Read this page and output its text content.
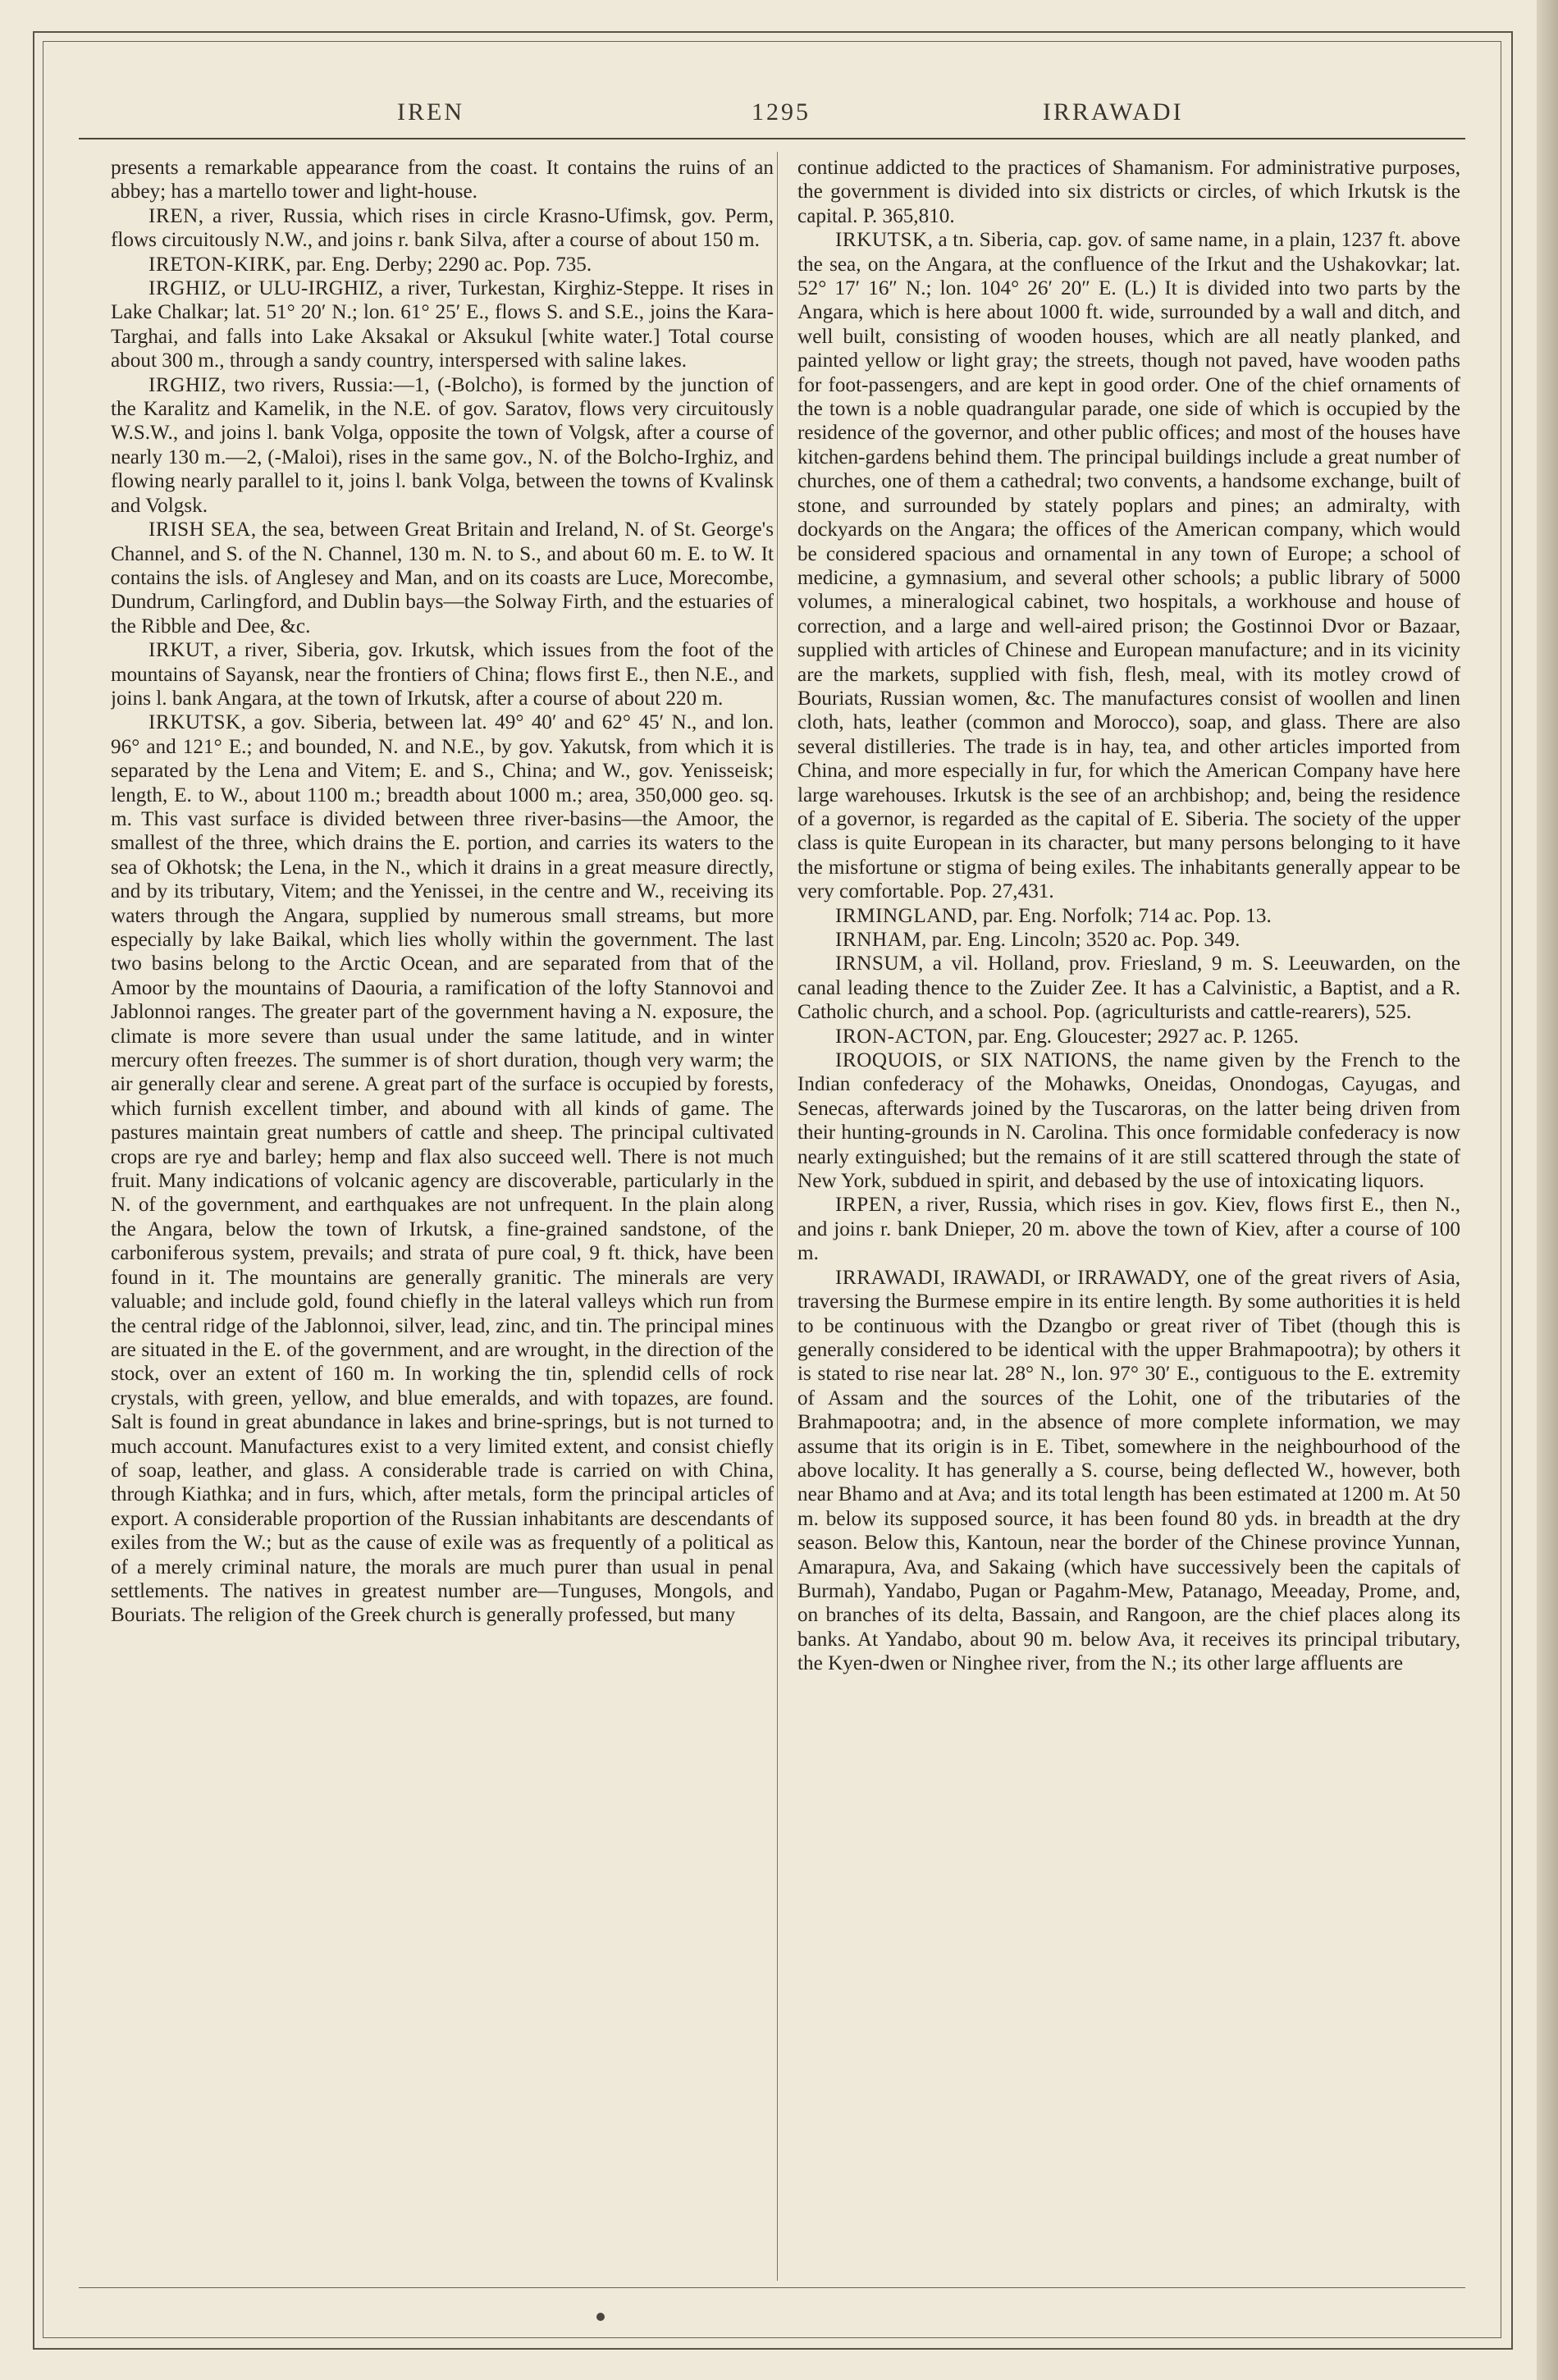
IREN	1295	IRRAWADI

presents a remarkable appearance from the coast. It contains the ruins of an abbey; has a martello tower and light-house.

IREN, a river, Russia, which rises in circle Krasno-Ufimsk, gov. Perm, flows circuitously N.W., and joins r. bank Silva, after a course of about 150 m.

IRETON-KIRK, par. Eng. Derby; 2290 ac. Pop. 735.

IRGHIZ, or ULU-IRGHIZ, a river, Turkestan, Kirghiz-Steppe. It rises in Lake Chalkar; lat. 51° 20′ N.; lon. 61° 25′ E., flows S. and S.E., joins the Kara-Targhai, and falls into Lake Aksakal or Aksukul [white water.] Total course about 300 m., through a sandy country, interspersed with saline lakes.

IRGHIZ, two rivers, Russia:—1, (-Bolcho), is formed by the junction of the Karalitz and Kamelik, in the N.E. of gov. Saratov, flows very circuitously W.S.W., and joins l. bank Volga, opposite the town of Volgsk, after a course of nearly 130 m.—2, (-Maloi), rises in the same gov., N. of the Bolcho-Irghiz, and flowing nearly parallel to it, joins l. bank Volga, between the towns of Kvalinsk and Volgsk.

IRISH SEA, the sea, between Great Britain and Ireland, N. of St. George's Channel, and S. of the N. Channel, 130 m. N. to S., and about 60 m. E. to W. It contains the isls. of Anglesey and Man, and on its coasts are Luce, Morecombe, Dundrum, Carlingford, and Dublin bays—the Solway Firth, and the estuaries of the Ribble and Dee, &c.

IRKUT, a river, Siberia, gov. Irkutsk, which issues from the foot of the mountains of Sayansk, near the frontiers of China; flows first E., then N.E., and joins l. bank Angara, at the town of Irkutsk, after a course of about 220 m.

IRKUTSK, a gov. Siberia, between lat. 49° 40′ and 62° 45′ N., and lon. 96° and 121° E.; and bounded, N. and N.E., by gov. Yakutsk, from which it is separated by the Lena and Vitem; E. and S., China; and W., gov. Yenisseisk; length, E. to W., about 1100 m.; breadth about 1000 m.; area, 350,000 geo. sq. m. This vast surface is divided between three river-basins—the Amoor, the smallest of the three, which drains the E. portion, and carries its waters to the sea of Okhotsk; the Lena, in the N., which it drains in a great measure directly, and by its tributary, Vitem; and the Yenissei, in the centre and W., receiving its waters through the Angara, supplied by numerous small streams, but more especially by lake Baikal, which lies wholly within the government. The last two basins belong to the Arctic Ocean, and are separated from that of the Amoor by the mountains of Daouria, a ramification of the lofty Stannovoi and Jablonnoi ranges. The greater part of the government having a N. exposure, the climate is more severe than usual under the same latitude, and in winter mercury often freezes. The summer is of short duration, though very warm; the air generally clear and serene. A great part of the surface is occupied by forests, which furnish excellent timber, and abound with all kinds of game. The pastures maintain great numbers of cattle and sheep. The principal cultivated crops are rye and barley; hemp and flax also succeed well. There is not much fruit. Many indications of volcanic agency are discoverable, particularly in the N. of the government, and earthquakes are not unfrequent. In the plain along the Angara, below the town of Irkutsk, a fine-grained sandstone, of the carboniferous system, prevails; and strata of pure coal, 9 ft. thick, have been found in it. The mountains are generally granitic. The minerals are very valuable; and include gold, found chiefly in the lateral valleys which run from the central ridge of the Jablonnoi, silver, lead, zinc, and tin. The principal mines are situated in the E. of the government, and are wrought, in the direction of the stock, over an extent of 160 m. In working the tin, splendid cells of rock crystals, with green, yellow, and blue emeralds, and with topazes, are found. Salt is found in great abundance in lakes and brine-springs, but is not turned to much account. Manufactures exist to a very limited extent, and consist chiefly of soap, leather, and glass. A considerable trade is carried on with China, through Kiathka; and in furs, which, after metals, form the principal articles of export. A considerable proportion of the Russian inhabitants are descendants of exiles from the W.; but as the cause of exile was as frequently of a political as of a merely criminal nature, the morals are much purer than usual in penal settlements. The natives in greatest number are—Tunguses, Mongols, and Bouriats. The religion of the Greek church is generally professed, but many

continue addicted to the practices of Shamanism. For administrative purposes, the government is divided into six districts or circles, of which Irkutsk is the capital. P. 365,810.

IRKUTSK, a tn. Siberia, cap. gov. of same name, in a plain, 1237 ft. above the sea, on the Angara, at the confluence of the Irkut and the Ushakovkar; lat. 52° 17′ 16″ N.; lon. 104° 26′ 20″ E. (L.) It is divided into two parts by the Angara, which is here about 1000 ft. wide, surrounded by a wall and ditch, and well built, consisting of wooden houses, which are all neatly planked, and painted yellow or light gray; the streets, though not paved, have wooden paths for foot-passengers, and are kept in good order. One of the chief ornaments of the town is a noble quadrangular parade, one side of which is occupied by the residence of the governor, and other public offices; and most of the houses have kitchen-gardens behind them. The principal buildings include a great number of churches, one of them a cathedral; two convents, a handsome exchange, built of stone, and surrounded by stately poplars and pines; an admiralty, with dockyards on the Angara; the offices of the American company, which would be considered spacious and ornamental in any town of Europe; a school of medicine, a gymnasium, and several other schools; a public library of 5000 volumes, a mineralogical cabinet, two hospitals, a workhouse and house of correction, and a large and well-aired prison; the Gostinnoi Dvor or Bazaar, supplied with articles of Chinese and European manufacture; and in its vicinity are the markets, supplied with fish, flesh, meal, with its motley crowd of Bouriats, Russian women, &c. The manufactures consist of woollen and linen cloth, hats, leather (common and Morocco), soap, and glass. There are also several distilleries. The trade is in hay, tea, and other articles imported from China, and more especially in fur, for which the American Company have here large warehouses. Irkutsk is the see of an archbishop; and, being the residence of a governor, is regarded as the capital of E. Siberia. The society of the upper class is quite European in its character, but many persons belonging to it have the misfortune or stigma of being exiles. The inhabitants generally appear to be very comfortable. Pop. 27,431.

IRMINGLAND, par. Eng. Norfolk; 714 ac. Pop. 13.

IRNHAM, par. Eng. Lincoln; 3520 ac. Pop. 349.

IRNSUM, a vil. Holland, prov. Friesland, 9 m. S. Leeuwarden, on the canal leading thence to the Zuider Zee. It has a Calvinistic, a Baptist, and a R. Catholic church, and a school. Pop. (agriculturists and cattle-rearers), 525.

IRON-ACTON, par. Eng. Gloucester; 2927 ac. P. 1265.

IROQUOIS, or SIX NATIONS, the name given by the French to the Indian confederacy of the Mohawks, Oneidas, Onondogas, Cayugas, and Senecas, afterwards joined by the Tuscaroras, on the latter being driven from their hunting-grounds in N. Carolina. This once formidable confederacy is now nearly extinguished; but the remains of it are still scattered through the state of New York, subdued in spirit, and debased by the use of intoxicating liquors.

IRPEN, a river, Russia, which rises in gov. Kiev, flows first E., then N., and joins r. bank Dnieper, 20 m. above the town of Kiev, after a course of 100 m.

IRRAWADI, IRAWADI, or IRRAWADY, one of the great rivers of Asia, traversing the Burmese empire in its entire length. By some authorities it is held to be continuous with the Dzangbo or great river of Tibet (though this is generally considered to be identical with the upper Brahmapootra); by others it is stated to rise near lat. 28° N., lon. 97° 30′ E., contiguous to the E. extremity of Assam and the sources of the Lohit, one of the tributaries of the Brahmapootra; and, in the absence of more complete information, we may assume that its origin is in E. Tibet, somewhere in the neighbourhood of the above locality. It has generally a S. course, being deflected W., however, both near Bhamo and at Ava; and its total length has been estimated at 1200 m. At 50 m. below its supposed source, it has been found 80 yds. in breadth at the dry season. Below this, Kantoun, near the border of the Chinese province Yunnan, Amarapura, Ava, and Sakaing (which have successively been the capitals of Burmah), Yandabo, Pugan or Pagahm-Mew, Patanago, Meeaday, Prome, and, on branches of its delta, Bassain, and Rangoon, are the chief places along its banks. At Yandabo, about 90 m. below Ava, it receives its principal tributary, the Kyen-dwen or Ninghee river, from the N.; its other large affluents are
